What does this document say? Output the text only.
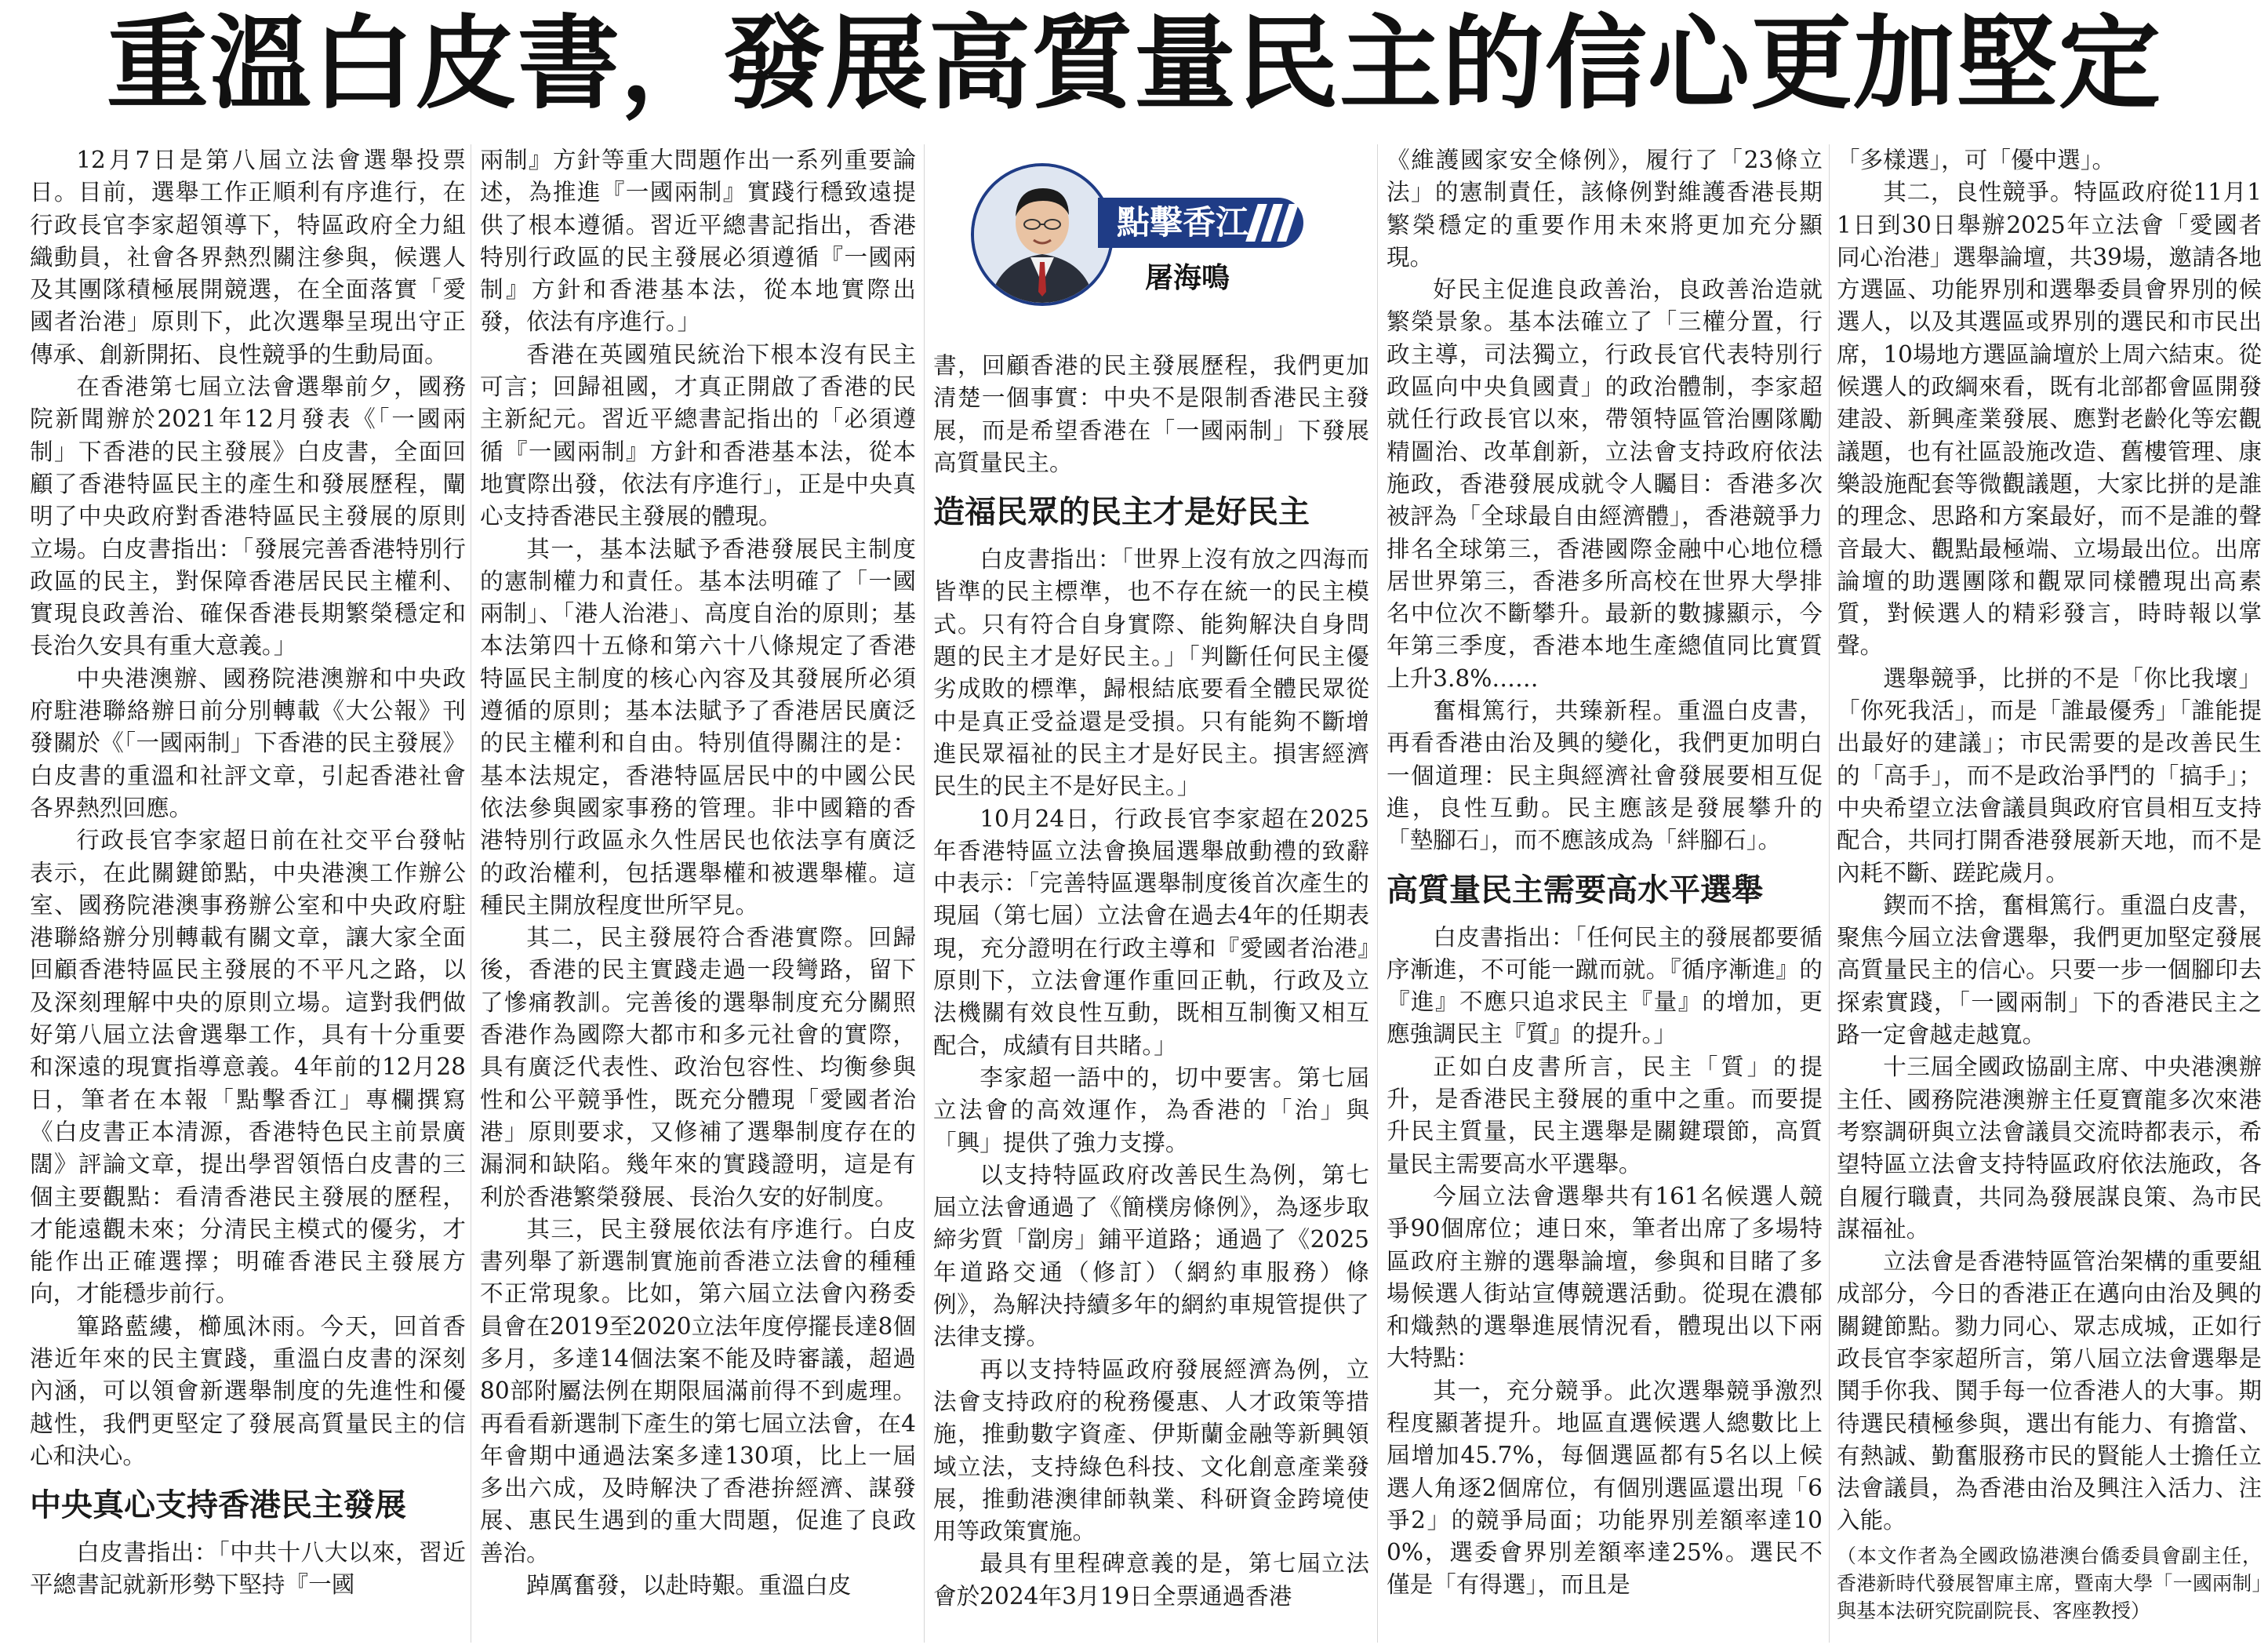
重溫白皮書，發展高質量民主的信心更加堅定
點擊香江
屠海鳴

12月7日是第八屆立法會選舉投票日。目前，選舉工作正順利有序進行，在行政長官李家超領導下，特區政府全力組織動員，社會各界熱烈關注參與，候選人及其團隊積極展開競選，在全面落實「愛國者治港」原則下，此次選舉呈現出守正傳承、創新開拓、良性競爭的生動局面。

在香港第七屆立法會選舉前夕，國務院新聞辦於2021年12月發表《「一國兩制」下香港的民主發展》白皮書，全面回顧了香港特區民主的產生和發展歷程，闡明了中央政府對香港特區民主發展的原則立場。白皮書指出：「發展完善香港特別行政區的民主，對保障香港居民民主權利、實現良政善治、確保香港長期繁榮穩定和長治久安具有重大意義。」

中央港澳辦、國務院港澳辦和中央政府駐港聯絡辦日前分別轉載《大公報》刊發關於《「一國兩制」下香港的民主發展》白皮書的重溫和社評文章，引起香港社會各界熱烈回應。

行政長官李家超日前在社交平台發帖表示，在此關鍵節點，中央港澳工作辦公室、國務院港澳事務辦公室和中央政府駐港聯絡辦分別轉載有關文章，讓大家全面回顧香港特區民主發展的不平凡之路，以及深刻理解中央的原則立場。這對我們做好第八屆立法會選舉工作，具有十分重要和深遠的現實指導意義。4年前的12月28日，筆者在本報「點擊香江」專欄撰寫《白皮書正本清源，香港特色民主前景廣闊》評論文章，提出學習領悟白皮書的三個主要觀點：看清香港民主發展的歷程，才能遠觀未來；分清民主模式的優劣，才能作出正確選擇；明確香港民主發展方向，才能穩步前行。

篳路藍縷，櫛風沐雨。今天，回首香港近年來的民主實踐，重溫白皮書的深刻內涵，可以領會新選舉制度的先進性和優越性，我們更堅定了發展高質量民主的信心和決心。

中央真心支持香港民主發展

白皮書指出：「中共十八大以來，習近平總書記就新形勢下堅持『一國

兩制』方針等重大問題作出一系列重要論述，為推進『一國兩制』實踐行穩致遠提供了根本遵循。習近平總書記指出，香港特別行政區的民主發展必須遵循『一國兩制』方針和香港基本法，從本地實際出發，依法有序進行。」

香港在英國殖民統治下根本沒有民主可言；回歸祖國，才真正開啟了香港的民主新紀元。習近平總書記指出的「必須遵循『一國兩制』方針和香港基本法，從本地實際出發，依法有序進行」，正是中央真心支持香港民主發展的體現。

其一，基本法賦予香港發展民主制度的憲制權力和責任。基本法明確了「一國兩制」、「港人治港」、高度自治的原則；基本法第四十五條和第六十八條規定了香港特區民主制度的核心內容及其發展所必須遵循的原則；基本法賦予了香港居民廣泛的民主權利和自由。特別值得關注的是：基本法規定，香港特區居民中的中國公民依法參與國家事務的管理。非中國籍的香港特別行政區永久性居民也依法享有廣泛的政治權利，包括選舉權和被選舉權。這種民主開放程度世所罕見。

其二，民主發展符合香港實際。回歸後，香港的民主實踐走過一段彎路，留下了慘痛教訓。完善後的選舉制度充分關照香港作為國際大都市和多元社會的實際，具有廣泛代表性、政治包容性、均衡參與性和公平競爭性，既充分體現「愛國者治港」原則要求，又修補了選舉制度存在的漏洞和缺陷。幾年來的實踐證明，這是有利於香港繁榮發展、長治久安的好制度。

其三，民主發展依法有序進行。白皮書列舉了新選制實施前香港立法會的種種不正常現象。比如，第六屆立法會內務委員會在2019至2020立法年度停擺長達8個多月，多達14個法案不能及時審議，超過80部附屬法例在期限屆滿前得不到處理。再看看新選制下產生的第七屆立法會，在4年會期中通過法案多達130項，比上一屆多出六成，及時解決了香港拚經濟、謀發展、惠民生遇到的重大問題，促進了良政善治。

踔厲奮發，以赴時艱。重溫白皮

書，回顧香港的民主發展歷程，我們更加清楚一個事實：中央不是限制香港民主發展，而是希望香港在「一國兩制」下發展高質量民主。

造福民眾的民主才是好民主

白皮書指出：「世界上沒有放之四海而皆準的民主標準，也不存在統一的民主模式。只有符合自身實際、能夠解決自身問題的民主才是好民主。」「判斷任何民主優劣成敗的標準，歸根結底要看全體民眾從中是真正受益還是受損。只有能夠不斷增進民眾福祉的民主才是好民主。損害經濟民生的民主不是好民主。」

10月24日，行政長官李家超在2025年香港特區立法會換屆選舉啟動禮的致辭中表示：「完善特區選舉制度後首次產生的現屆（第七屆）立法會在過去4年的任期表現，充分證明在行政主導和『愛國者治港』原則下，立法會運作重回正軌，行政及立法機關有效良性互動，既相互制衡又相互配合，成績有目共睹。」

李家超一語中的，切中要害。第七屆立法會的高效運作，為香港的「治」與「興」提供了強力支撐。

以支持特區政府改善民生為例，第七屆立法會通過了《簡樸房條例》，為逐步取締劣質「劏房」鋪平道路；通過了《2025年道路交通（修訂）（網約車服務）條例》，為解決持續多年的網約車規管提供了法律支撐。

再以支持特區政府發展經濟為例，立法會支持政府的稅務優惠、人才政策等措施，推動數字資產、伊斯蘭金融等新興領域立法，支持綠色科技、文化創意產業發展，推動港澳律師執業、科研資金跨境使用等政策實施。

最具有里程碑意義的是，第七屆立法會於2024年3月19日全票通過香港

《維護國家安全條例》，履行了「23條立法」的憲制責任，該條例對維護香港長期繁榮穩定的重要作用未來將更加充分顯現。

好民主促進良政善治，良政善治造就繁榮景象。基本法確立了「三權分置，行政主導，司法獨立，行政長官代表特別行政區向中央負國責」的政治體制，李家超就任行政長官以來，帶領特區管治團隊勵精圖治、改革創新，立法會支持政府依法施政，香港發展成就令人矚目：香港多次被評為「全球最自由經濟體」，香港競爭力排名全球第三，香港國際金融中心地位穩居世界第三，香港多所高校在世界大學排名中位次不斷攀升。最新的數據顯示，今年第三季度，香港本地生產總值同比實質上升3.8%……

奮楫篤行，共臻新程。重溫白皮書，再看香港由治及興的變化，我們更加明白一個道理：民主與經濟社會發展要相互促進，良性互動。民主應該是發展攀升的「墊腳石」，而不應該成為「絆腳石」。

高質量民主需要高水平選舉

白皮書指出：「任何民主的發展都要循序漸進，不可能一蹴而就。『循序漸進』的『進』不應只追求民主『量』的增加，更應強調民主『質』的提升。」

正如白皮書所言，民主「質」的提升，是香港民主發展的重中之重。而要提升民主質量，民主選舉是關鍵環節，高質量民主需要高水平選舉。

今屆立法會選舉共有161名候選人競爭90個席位；連日來，筆者出席了多場特區政府主辦的選舉論壇，參與和目睹了多場候選人街站宣傳競選活動。從現在濃郁和熾熱的選舉進展情況看，體現出以下兩大特點：

其一，充分競爭。此次選舉競爭激烈程度顯著提升。地區直選候選人總數比上屆增加45.7%，每個選區都有5名以上候選人角逐2個席位，有個別選區還出現「6爭2」的競爭局面；功能界別差額率達100%，選委會界別差額率達25%。選民不僅是「有得選」，而且是

「多樣選」，可「優中選」。

其二，良性競爭。特區政府從11月11日到30日舉辦2025年立法會「愛國者同心治港」選舉論壇，共39場，邀請各地方選區、功能界別和選舉委員會界別的候選人，以及其選區或界別的選民和市民出席，10場地方選區論壇於上周六結束。從候選人的政綱來看，既有北部都會區開發建設、新興產業發展、應對老齡化等宏觀議題，也有社區設施改造、舊樓管理、康樂設施配套等微觀議題，大家比拼的是誰的理念、思路和方案最好，而不是誰的聲音最大、觀點最極端、立場最出位。出席論壇的助選團隊和觀眾同樣體現出高素質，對候選人的精彩發言，時時報以掌聲。

選舉競爭，比拼的不是「你比我壞」「你死我活」，而是「誰最優秀」「誰能提出最好的建議」；市民需要的是改善民生的「高手」，而不是政治爭鬥的「搞手」；中央希望立法會議員與政府官員相互支持配合，共同打開香港發展新天地，而不是內耗不斷、蹉跎歲月。

鍥而不捨，奮楫篤行。重溫白皮書，聚焦今屆立法會選舉，我們更加堅定發展高質量民主的信心。只要一步一個腳印去探索實踐，「一國兩制」下的香港民主之路一定會越走越寬。

十三屆全國政協副主席、中央港澳辦主任、國務院港澳辦主任夏寶龍多次來港考察調研與立法會議員交流時都表示，希望特區立法會支持特區政府依法施政，各自履行職責，共同為發展謀良策、為市民謀福祉。

立法會是香港特區管治架構的重要組成部分，今日的香港正在邁向由治及興的關鍵節點。勠力同心、眾志成城，正如行政長官李家超所言，第八屆立法會選舉是鬨手你我、鬨手每一位香港人的大事。期待選民積極參與，選出有能力、有擔當、有熱誠、勤奮服務市民的賢能人士擔任立法會議員，為香港由治及興注入活力、注入能。

（本文作者為全國政協港澳台僑委員會副主任，香港新時代發展智庫主席，暨南大學「一國兩制」與基本法研究院副院長、客座教授）
